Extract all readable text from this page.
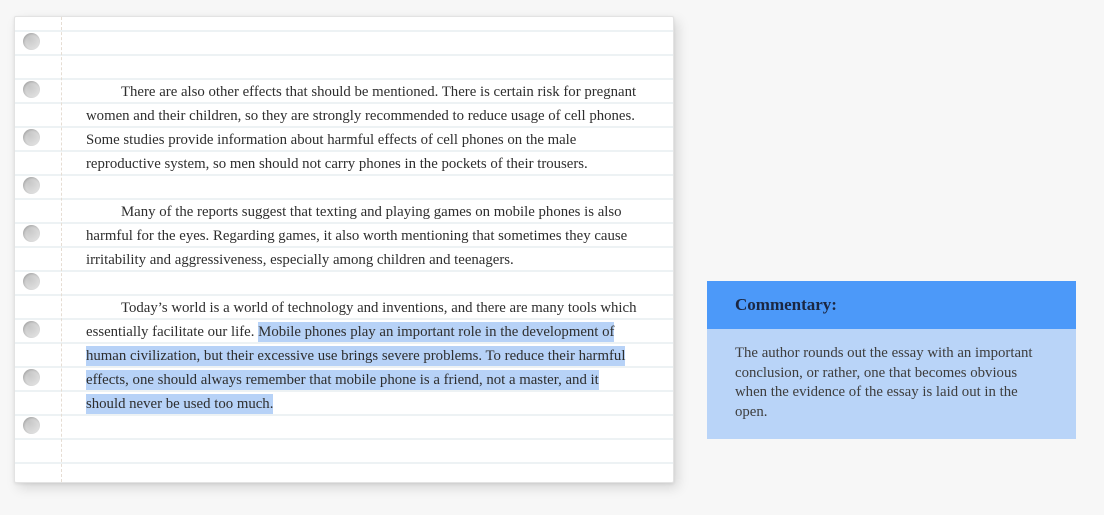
There are also other effects that should be mentioned. There is certain risk for pregnant women and their children, so they are strongly recommended to reduce usage of cell phones. Some studies provide information about harmful effects of cell phones on the male reproductive system, so men should not carry phones in the pockets of their trousers.

Many of the reports suggest that texting and playing games on mobile phones is also harmful for the eyes. Regarding games, it also worth mentioning that sometimes they cause irritability and aggressiveness, especially among children and teenagers.

Today’s world is a world of technology and inventions, and there are many tools which essentially facilitate our life. Mobile phones play an important role in the development of human civilization, but their excessive use brings severe problems. To reduce their harmful effects, one should always remember that mobile phone is a friend, not a master, and it should never be used too much.

Commentary:

The author rounds out the essay with an important conclusion, or rather, one that becomes obvious when the evidence of the essay is laid out in the open.
